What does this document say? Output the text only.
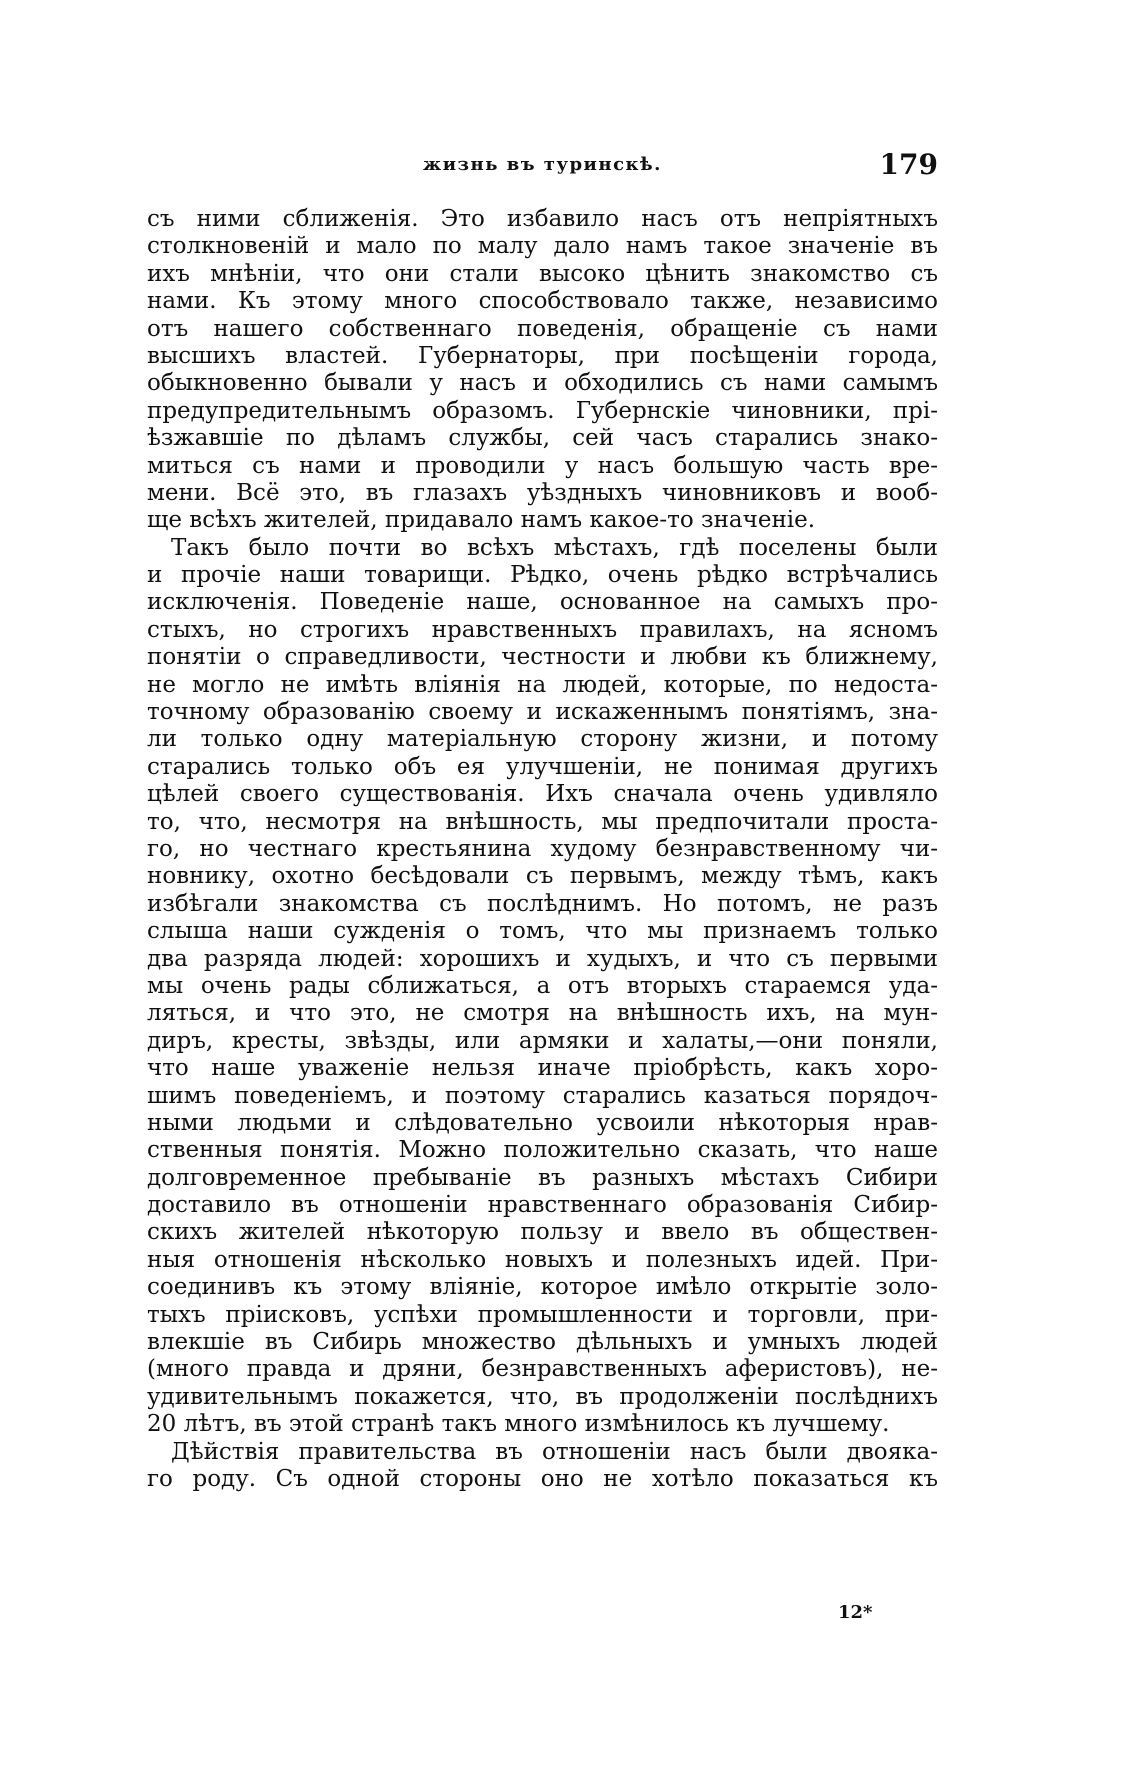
жизнь въ туринскѣ.	179
съ ними сближенія. Это избавило насъ отъ непріятныхъ
столкновеній и мало по малу дало намъ такое значеніе въ
ихъ мнѣніи, что они стали высоко цѣнить знакомство съ
нами. Къ этому много способствовало также, независимо
отъ нашего собственнаго поведенія, обращеніе съ нами
высшихъ властей. Губернаторы, при посѣщеніи города,
обыкновенно бывали у насъ и обходились съ нами самымъ
предупредительнымъ образомъ. Губернскіе чиновники, прі-
ѣзжавшіе по дѣламъ службы, сей часъ старались знако-
миться съ нами и проводили у насъ большую часть вре-
мени. Всё это, въ глазахъ уѣздныхъ чиновниковъ и вооб-
ще всѣхъ жителей, придавало намъ какое-то значеніе.
Такъ было почти во всѣхъ мѣстахъ, гдѣ поселены были
и прочіе наши товарищи. Рѣдко, очень рѣдко встрѣчались
исключенія. Поведеніе наше, основанное на самыхъ про-
стыхъ, но строгихъ нравственныхъ правилахъ, на ясномъ
понятіи о справедливости, честности и любви къ ближнему,
не могло не имѣть вліянія на людей, которые, по недоста-
точному образованію своему и искаженнымъ понятіямъ, зна-
ли только одну матеріальную сторону жизни, и потому
старались только объ ея улучшеніи, не понимая другихъ
цѣлей своего существованія. Ихъ сначала очень удивляло
то, что, несмотря на внѣшность, мы предпочитали проста-
го, но честнаго крестьянина худому безнравственному чи-
новнику, охотно бесѣдовали съ первымъ, между тѣмъ, какъ
избѣгали знакомства съ послѣднимъ. Но потомъ, не разъ
слыша наши сужденія о томъ, что мы признаемъ только
два разряда людей: хорошихъ и худыхъ, и что съ первыми
мы очень рады сближаться, а отъ вторыхъ стараемся уда-
ляться, и что это, не смотря на внѣшность ихъ, на мун-
диръ, кресты, звѣзды, или армяки и халаты,—они поняли,
что наше уваженіе нельзя иначе пріобрѣсть, какъ хоро-
шимъ поведеніемъ, и поэтому старались казаться порядоч-
ными людьми и слѣдовательно усвоили нѣкоторыя нрав-
ственныя понятія. Можно положительно сказать, что наше
долговременное пребываніе въ разныхъ мѣстахъ Сибири
доставило въ отношеніи нравственнаго образованія Сибир-
скихъ жителей нѣкоторую пользу и ввело въ обществен-
ныя отношенія нѣсколько новыхъ и полезныхъ идей. При-
соединивъ къ этому вліяніе, которое имѣло открытіе золо-
тыхъ пріисковъ, успѣхи промышленности и торговли, при-
влекшіе въ Сибирь множество дѣльныхъ и умныхъ людей
(много правда и дряни, безнравственныхъ аферистовъ), не-
удивительнымъ покажется, что, въ продолженіи послѣднихъ
20 лѣтъ, въ этой странѣ такъ много измѣнилось къ лучшему.
Дѣйствія правительства въ отношеніи насъ были двояка-
го роду. Съ одной стороны оно не хотѣло показаться къ
12*
